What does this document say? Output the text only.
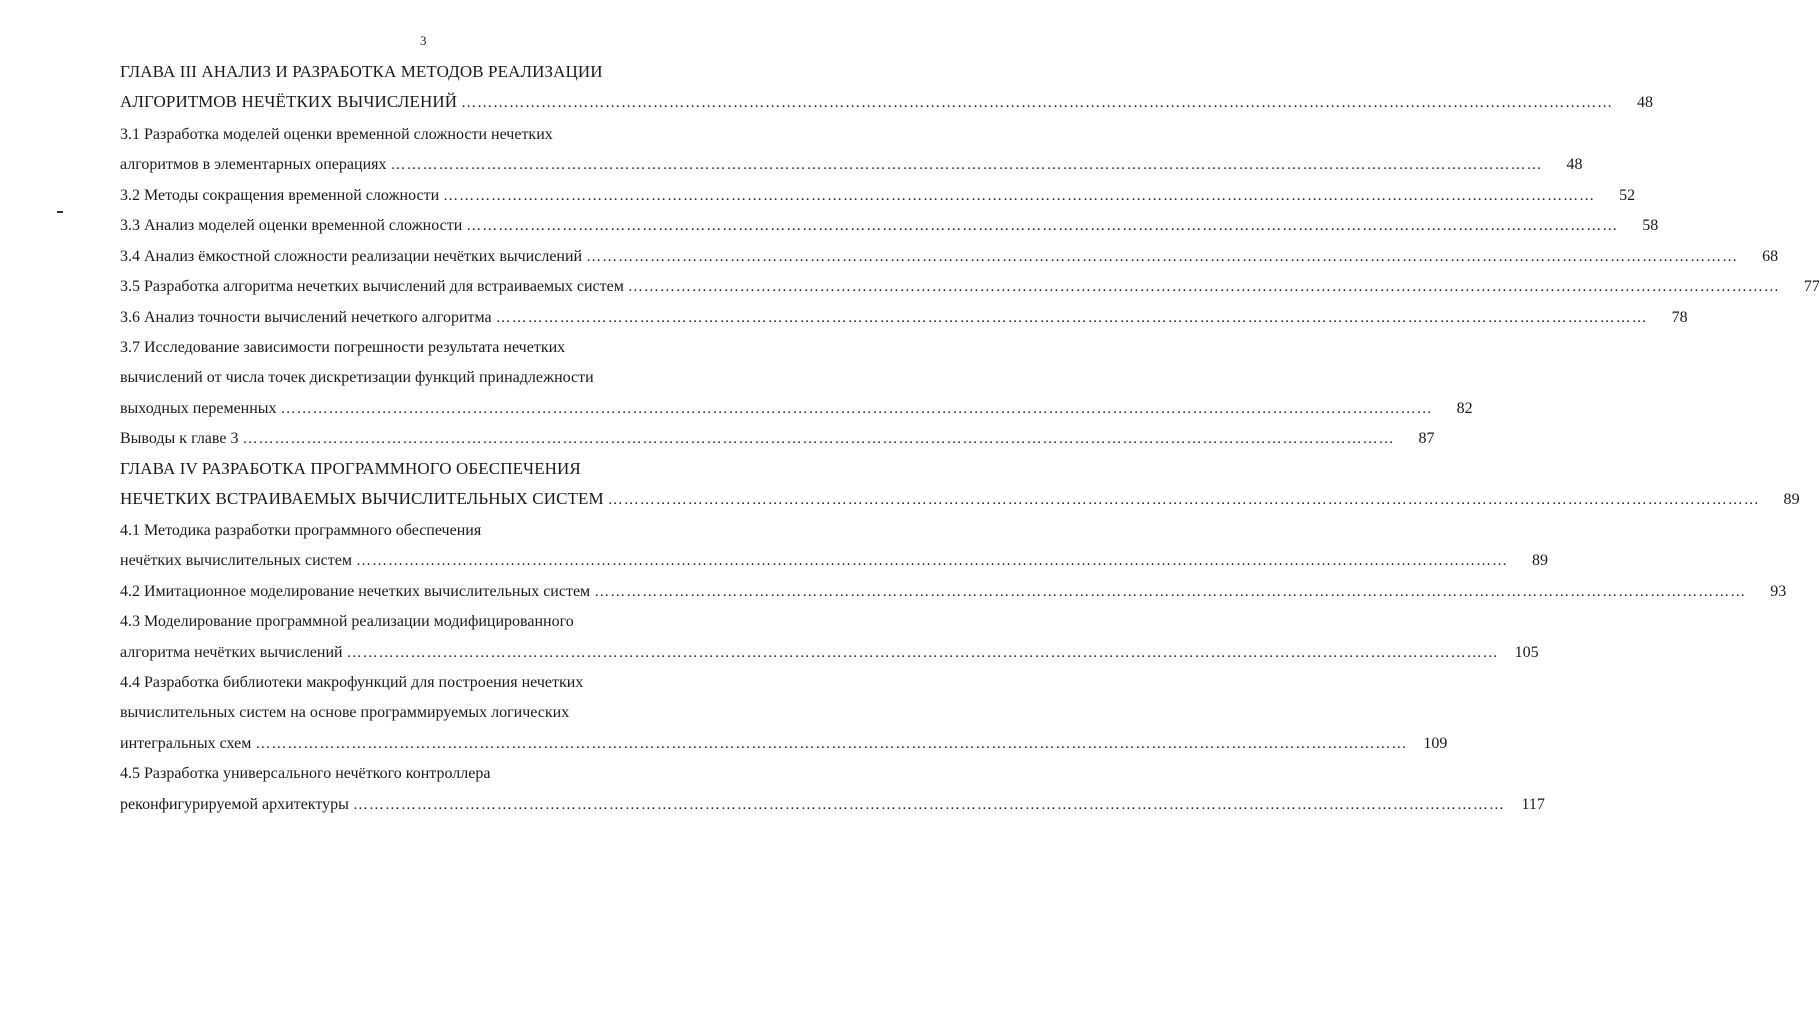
3
ГЛАВА III АНАЛИЗ И РАЗРАБОТКА МЕТОДОВ РЕАЛИЗАЦИИ
АЛГОРИТМОВ НЕЧЁТКИХ ВЫЧИСЛЕНИЙ ………………………………………………………………………………………………………………………………………………………………………………………………	48
3.1 Разработка моделей оценки временной сложности нечетких
алгоритмов в элементарных операциях ………………………………………………………………………………………………………………………………………………………………………………………………	48
3.2 Методы сокращения временной сложности ………………………………………………………………………………………………………………………………………………………………………………………………	52
3.3 Анализ моделей оценки временной сложности ………………………………………………………………………………………………………………………………………………………………………………………………	58
3.4 Анализ ёмкостной сложности реализации нечётких вычислений ………………………………………………………………………………………………………………………………………………………………………………………………	68
3.5 Разработка алгоритма нечетких вычислений для встраиваемых систем ………………………………………………………………………………………………………………………………………………………………………………………………	77
3.6 Анализ точности вычислений нечеткого алгоритма ………………………………………………………………………………………………………………………………………………………………………………………………	78
3.7 Исследование зависимости погрешности результата нечетких
вычислений от числа точек дискретизации функций принадлежности
выходных переменных ………………………………………………………………………………………………………………………………………………………………………………………………	82
Выводы к главе 3 ………………………………………………………………………………………………………………………………………………………………………………………………	87
ГЛАВА IV РАЗРАБОТКА ПРОГРАММНОГО ОБЕСПЕЧЕНИЯ
НЕЧЕТКИХ ВСТРАИВАЕМЫХ ВЫЧИСЛИТЕЛЬНЫХ СИСТЕМ ………………………………………………………………………………………………………………………………………………………………………………………………	89
4.1 Методика разработки программного обеспечения
нечётких вычислительных систем ………………………………………………………………………………………………………………………………………………………………………………………………	89
4.2 Имитационное моделирование нечетких вычислительных систем ………………………………………………………………………………………………………………………………………………………………………………………………	93
4.3 Моделирование программной реализации модифицированного
алгоритма нечётких вычислений ………………………………………………………………………………………………………………………………………………………………………………………………	105
4.4 Разработка библиотеки макрофункций для построения нечетких
вычислительных систем на основе программируемых логических
интегральных схем ………………………………………………………………………………………………………………………………………………………………………………………………	109
4.5 Разработка универсального нечёткого контроллера
реконфигурируемой архитектуры ………………………………………………………………………………………………………………………………………………………………………………………………	117
